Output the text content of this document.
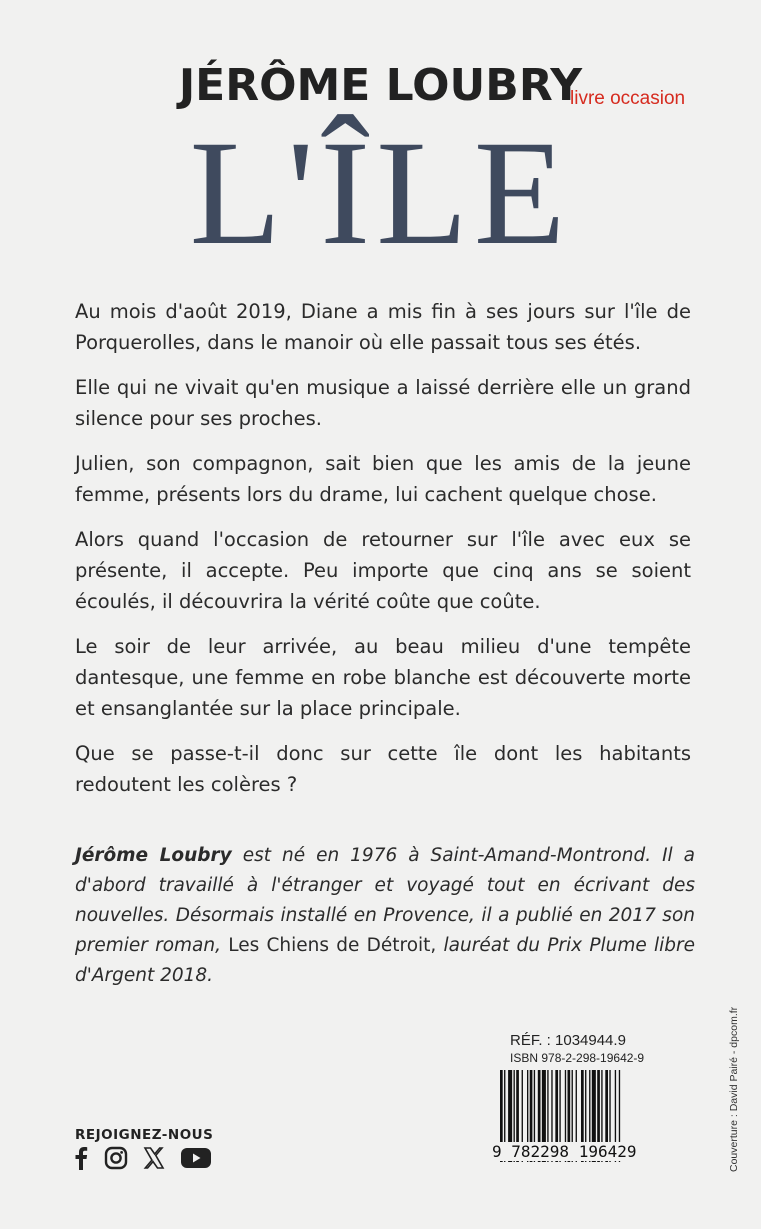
JÉRÔME LOUBRY
livre occasion
L'ÎLE

Au mois d'août 2019, Diane a mis fin à ses jours sur l'île de Porquerolles, dans le manoir où elle passait tous ses étés.

Elle qui ne vivait qu'en musique a laissé derrière elle un grand silence pour ses proches.

Julien, son compagnon, sait bien que les amis de la jeune femme, présents lors du drame, lui cachent quelque chose.

Alors quand l'occasion de retourner sur l'île avec eux se présente, il accepte. Peu importe que cinq ans se soient écoulés, il découvrira la vérité coûte que coûte.

Le soir de leur arrivée, au beau milieu d'une tempête dantesque, une femme en robe blanche est découverte morte et ensanglantée sur la place principale.

Que se passe-t-il donc sur cette île dont les habitants redoutent les colères ?

Jérôme Loubry est né en 1976 à Saint-Amand-Montrond. Il a d'abord travaillé à l'étranger et voyagé tout en écrivant des nouvelles. Désormais installé en Provence, il a publié en 2017 son premier roman, Les Chiens de Détroit, lauréat du Prix Plume libre d'Argent 2018.
Couverture : David Pairé - dpcom.fr
RÉF. : 1034944.9
ISBN 978-2-298-19642-9
9 782298 196429
REJOIGNEZ-NOUS
